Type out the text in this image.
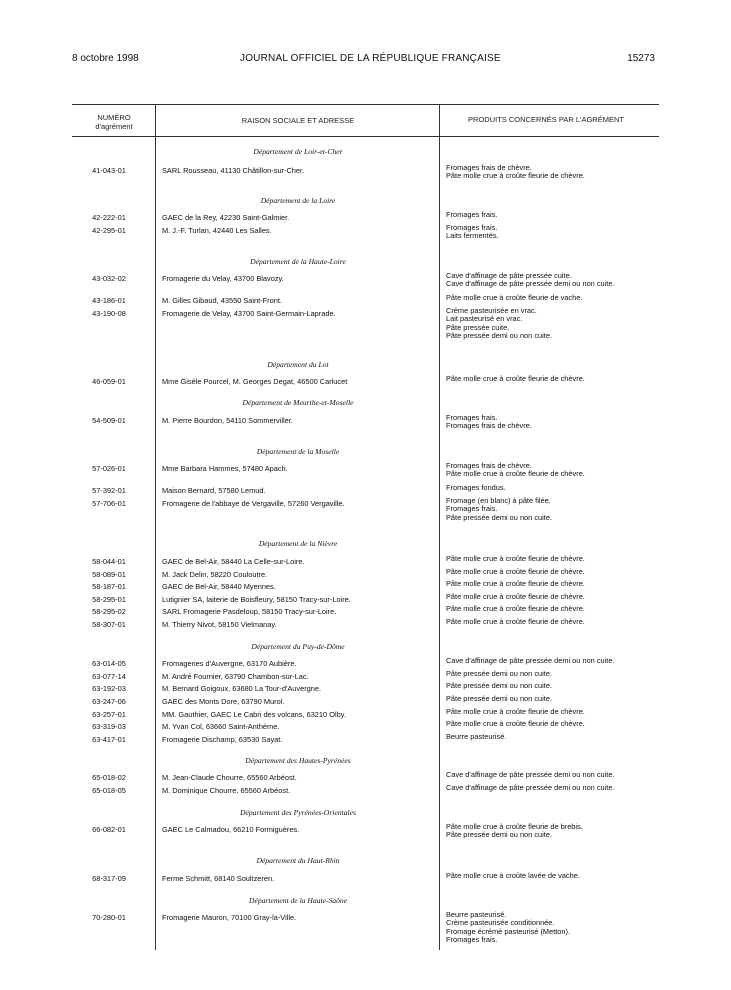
8 octobre 1998	JOURNAL OFFICIEL DE LA RÉPUBLIQUE FRANÇAISE	15273
NUMÉRO
d'agrément
RAISON SOCIALE ET ADRESSE	PRODUITS CONCERNÉS PAR L'AGRÉMENT
Département de Loir-et-Cher
41-043-01	SARL Rousseau, 41130 Châtillon-sur-Cher.	Fromages frais de chèvre.
Pâte molle crue à croûte fleurie de chèvre.
Département de la Loire
42-222-01	GAEC de la Rey, 42230 Saint-Galmier.	Fromages frais.
42-295-01	M. J.-F. Turlan, 42440 Les Salles.	Fromages frais.
Laits fermentés.
Département de la Haute-Loire
43-032-02	Fromagerie du Velay, 43700 Blavozy.	Cave d'affinage de pâte pressée cuite.
Cave d'affinage de pâte pressée demi ou non cuite.
43-186-01	M. Gilles Gibaud, 43550 Saint-Front.	Pâte molle crue à croûte fleurie de vache.
43-190-08	Fromagerie de Velay, 43700 Saint-Germain-Laprade.	Crème pasteurisée en vrac.
Lait pasteurisé en vrac.
Pâte pressée cuite.
Pâte pressée demi ou non cuite.
Département du Lot
46-059-01	Mme Gisèle Pourcel, M. Georges Degat, 46500 Carlucet	Pâte molle crue à croûte fleurie de chèvre.
Département de Meurthe-et-Moselle
54-509-01	M. Pierre Bourdon, 54110 Sommerviller.	Fromages frais.
Fromages frais de chèvre.
Département de la Moselle
57-026-01	Mme Barbara Hammes, 57480 Apach.	Fromages frais de chèvre.
Pâte molle crue à croûte fleurie de chèvre.
57-392-01	Maison Bernard, 57580 Lemud.	Fromages fondus.
57-706-01	Fromagerie de l'abbaye de Vergaville, 57260 Vergaville.	Fromage (en blanc) à pâte filée.
Fromages frais.
Pâte pressée demi ou non cuite.
Département de la Nièvre
58-044-01	GAEC de Bel-Air, 58440 La Celle-sur-Loire.	Pâte molle crue à croûte fleurie de chèvre.
58-089-01	M. Jack Delin, 58220 Couloutre.	Pâte molle crue à croûte fleurie de chèvre.
58-187-01	GAEC de Bel-Air, 58440 Myennes.	Pâte molle crue à croûte fleurie de chèvre.
58-295-01	Lutignier SA, laiterie de Boisfleury, 58150 Tracy-sur-Loire.	Pâte molle crue à croûte fleurie de chèvre.
58-295-02	SARL Fromagerie Pasdeloup, 58150 Tracy-sur-Loire.	Pâte molle crue à croûte fleurie de chèvre.
58-307-01	M. Thierry Nivot, 58150 Vielmanay.	Pâte molle crue à croûte fleurie de chèvre.
Département du Puy-de-Dôme
63-014-05	Fromageries d'Auvergne, 63170 Aubière.	Cave d'affinage de pâte pressée demi ou non cuite.
63-077-14	M. André Fournier, 63790 Chambon-sur-Lac.	Pâte pressée demi ou non cuite.
63-192-03	M. Bernard Goigoux, 63680 La Tour-d'Auvergne.	Pâte pressée demi ou non cuite.
63-247-06	GAEC des Monts Dore, 63790 Murol.	Pâte pressée demi ou non cuite.
63-257-01	MM. Gauthier, GAEC Le Cabri des volcans, 63210 Olby.	Pâte molle crue à croûte fleurie de chèvre.
63-319-03	M. Yvan Col, 63660 Saint-Anthème.	Pâte molle crue à croûte fleurie de chèvre.
63-417-01	Fromagerie Dischamp, 63530 Sayat.	Beurre pasteurisé.
Département des Hautes-Pyrénées
65-018-02	M. Jean-Claude Chourre, 65560 Arbéost.	Cave d'affinage de pâte pressée demi ou non cuite.
65-018-05	M. Dominique Chourre, 65560 Arbéost.	Cave d'affinage de pâte pressée demi ou non cuite.
Département des Pyrénées-Orientales
66-082-01	GAEC Le Calmadou, 66210 Formiguères.	Pâte molle crue à croûte fleurie de brebis.
Pâte pressée demi ou non cuite.
Département du Haut-Rhin
68-317-09	Ferme Schmitt, 68140 Soultzeren.	Pâte molle crue à croûte lavée de vache.
Département de la Haute-Saône
70-280-01	Fromagerie Mauron, 70100 Gray-la-Ville.	Beurre pasteurisé.
Crème pasteurisée conditionnée.
Fromage écrémé pasteurisé (Metton).
Fromages frais.
